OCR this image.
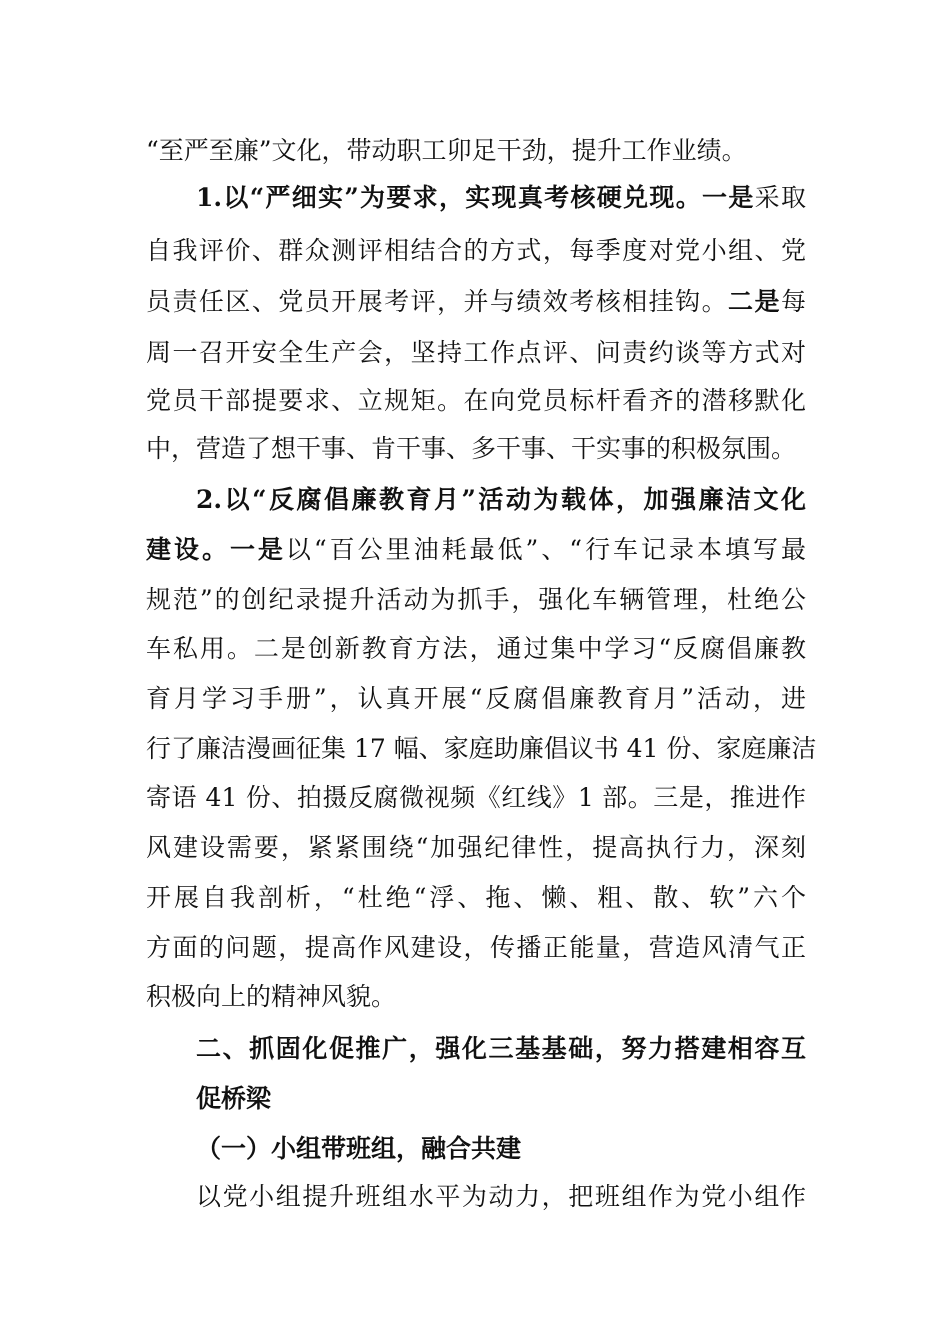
“至严至廉”文化，带动职工卯足干劲，提升工作业绩。
1.以“严细实”为要求，实现真考核硬兑现。一是采取
自我评价、群众测评相结合的方式，每季度对党小组、党
员责任区、党员开展考评，并与绩效考核相挂钩。二是每
周一召开安全生产会，坚持工作点评、问责约谈等方式对
党员干部提要求、立规矩。在向党员标杆看齐的潜移默化
中，营造了想干事、肯干事、多干事、干实事的积极氛围。
2.以“反腐倡廉教育月”活动为载体，加强廉洁文化
建设。一是以“百公里油耗最低”、“行车记录本填写最
规范”的创纪录提升活动为抓手，强化车辆管理，杜绝公
车私用。二是创新教育方法，通过集中学习“反腐倡廉教
育月学习手册”，认真开展“反腐倡廉教育月”活动，进
行了廉洁漫画征集 17 幅、家庭助廉倡议书 41 份、家庭廉洁
寄语 41 份、拍摄反腐微视频《红线》1 部。三是，推进作
风建设需要，紧紧围绕“加强纪律性，提高执行力，深刻
开展自我剖析，“杜绝“浮、拖、懒、粗、散、软”六个
方面的问题，提高作风建设，传播正能量，营造风清气正
积极向上的精神风貌。
二、抓固化促推广，强化三基基础，努力搭建相容互
促桥梁
（一）小组带班组，融合共建
以党小组提升班组水平为动力，把班组作为党小组作
